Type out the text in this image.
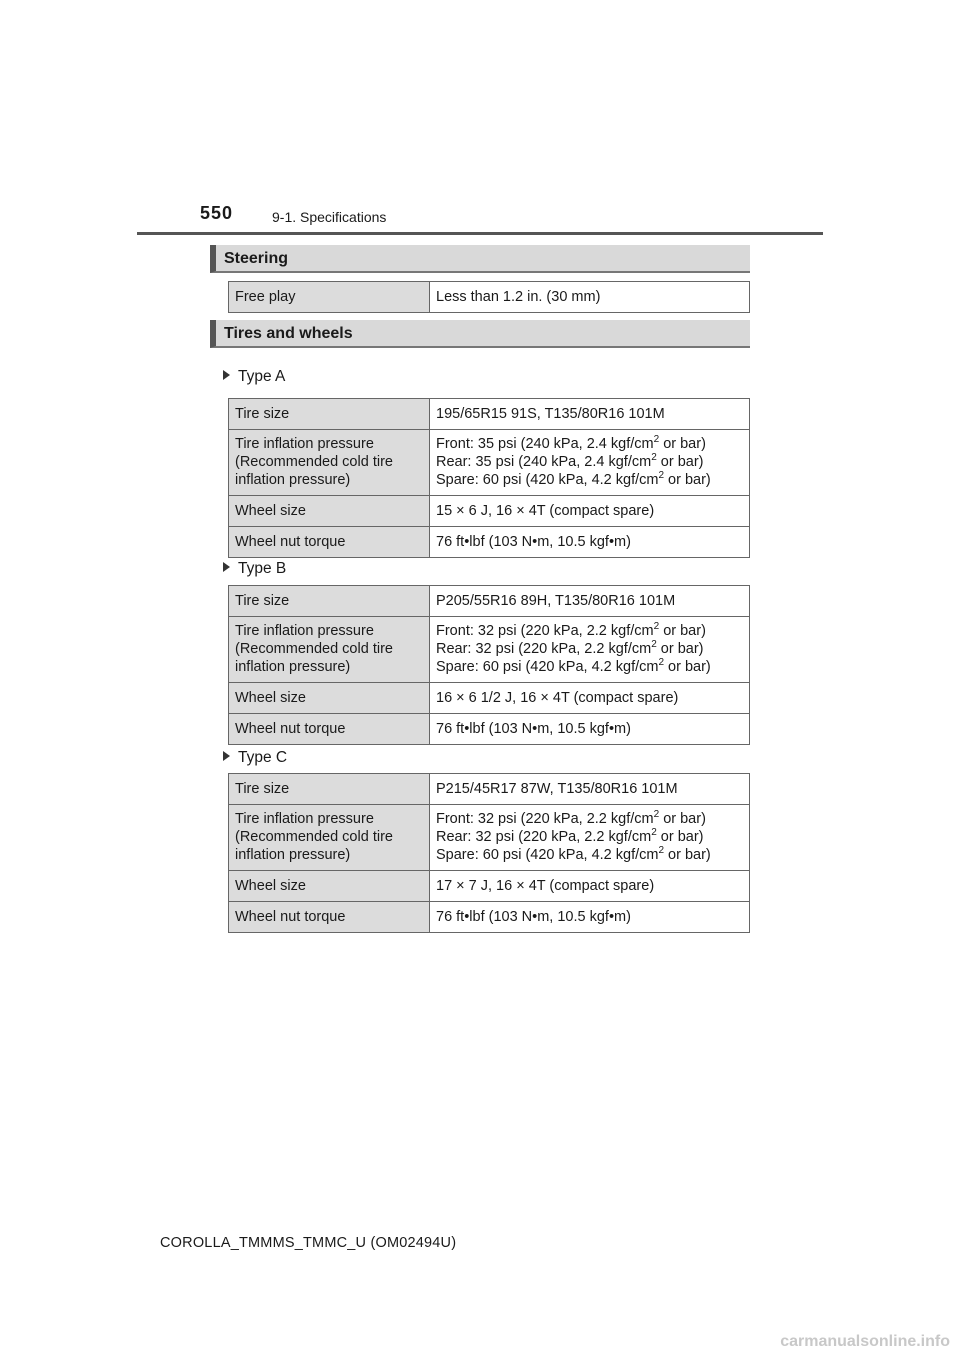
550	9-1. Specifications
Steering
Free play	Less than 1.2 in. (30 mm)
Tires and wheels
Type A
Tire size	195/65R15 91S, T135/80R16 101M
Tire inflation pressure
(Recommended cold tire
inflation pressure)	Front: 35 psi (240 kPa, 2.4 kgf/$cm^2$ or bar)
Rear: 35 psi (240 kPa, 2.4 kgf/$cm^2$ or bar)
Spare: 60 psi (420 kPa, 4.2 kgf/$cm^2$ or bar)
Wheel size	15 × 6 J, 16 × 4T (compact spare)
Wheel nut torque	76 ft•lbf (103 N•m, 10.5 kgf•m)
Type B
Tire size	P205/55R16 89H, T135/80R16 101M
Tire inflation pressure
(Recommended cold tire
inflation pressure)	Front: 32 psi (220 kPa, 2.2 kgf/$cm^2$ or bar)
Rear: 32 psi (220 kPa, 2.2 kgf/$cm^2$ or bar)
Spare: 60 psi (420 kPa, 4.2 kgf/$cm^2$ or bar)
Wheel size	16 × 6 1/2 J, 16 × 4T (compact spare)
Wheel nut torque	76 ft•lbf (103 N•m, 10.5 kgf•m)
Type C
Tire size	P215/45R17 87W, T135/80R16 101M
Tire inflation pressure
(Recommended cold tire
inflation pressure)	Front: 32 psi (220 kPa, 2.2 kgf/$cm^2$ or bar)
Rear: 32 psi (220 kPa, 2.2 kgf/$cm^2$ or bar)
Spare: 60 psi (420 kPa, 4.2 kgf/$cm^2$ or bar)
Wheel size	17 × 7 J, 16 × 4T (compact spare)
Wheel nut torque	76 ft•lbf (103 N•m, 10.5 kgf•m)
COROLLA_TMMMS_TMMC_U (OM02494U)
carmanualsonline.info
